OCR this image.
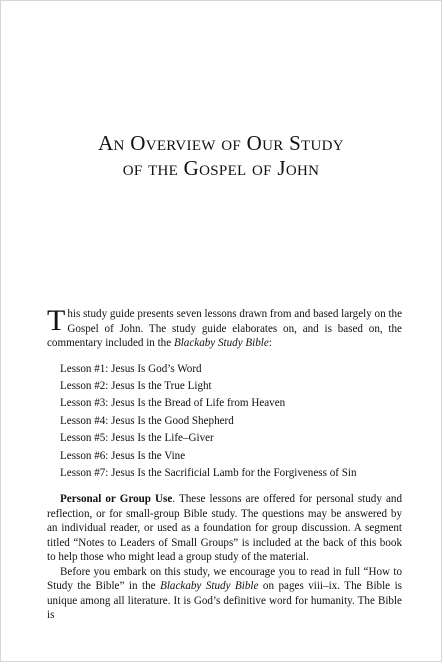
An Overview of Our Study
of the Gospel of John

This study guide presents seven lessons drawn from and based largely on the Gospel of John. The study guide elaborates on, and is based on, the commentary included in the Blackaby Study Bible:

Lesson #1: Jesus Is God’s Word
Lesson #2: Jesus Is the True Light
Lesson #3: Jesus Is the Bread of Life from Heaven
Lesson #4: Jesus Is the Good Shepherd
Lesson #5: Jesus Is the Life–Giver
Lesson #6: Jesus Is the Vine
Lesson #7: Jesus Is the Sacrificial Lamb for the Forgiveness of Sin

Personal or Group Use. These lessons are offered for personal study and reflection, or for small-group Bible study. The questions may be answered by an individual reader, or used as a foundation for group discussion. A segment titled “Notes to Leaders of Small Groups” is included at the back of this book to help those who might lead a group study of the material.

Before you embark on this study, we encourage you to read in full “How to Study the Bible” in the Blackaby Study Bible on pages viii–ix. The Bible is unique among all literature. It is God’s definitive word for humanity. The Bible is
